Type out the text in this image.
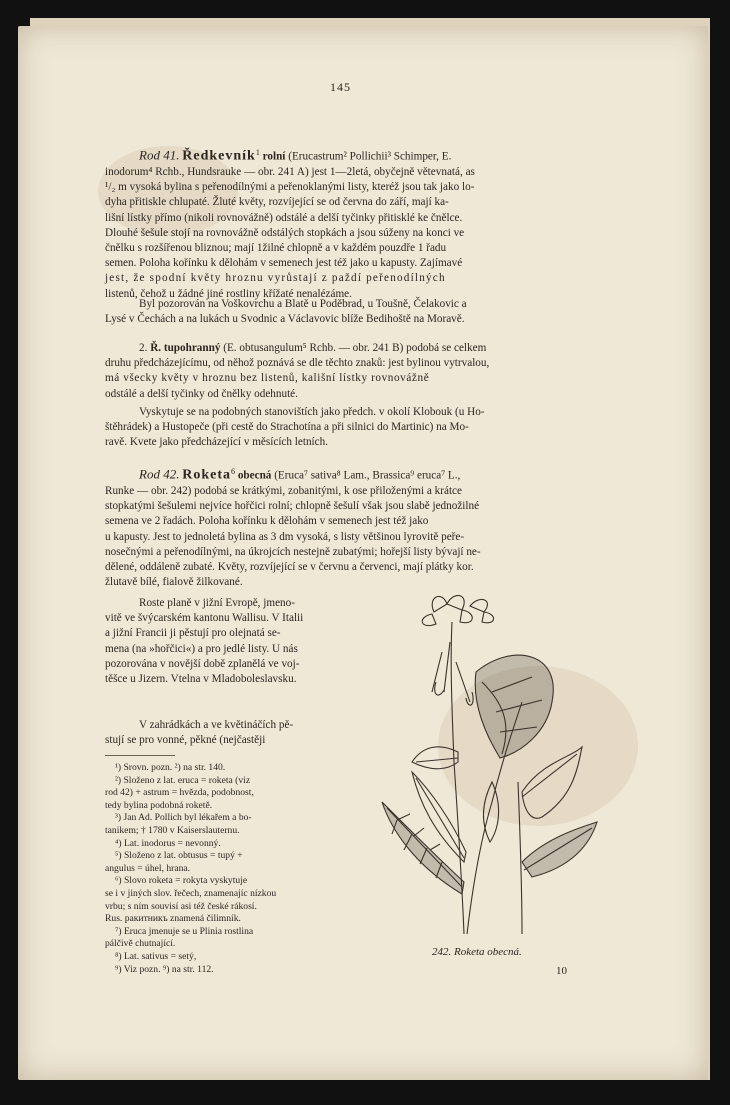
145
Rod 41. Ředkevník$^1$ rolní (Erucastrum² Pollichii³ Schimper, E.
inodorum⁴ Rchb., Hundsrauke — obr. 241 A) jest 1—2letá, obyčejně větevnatá, as
¹/₂ m vysoká bylina s peřenodílnými a peřenoklanými listy, kteréž jsou tak jako lo-
dyha přitiskle chlupaté. Žluté květy, rozvíjející se od června do září, mají ka-
lišní lístky přímo (nikoli rovnovážně) odstálé a delší tyčinky přitisklé ke čnělce.
Dlouhé šešule stojí na rovnovážně odstálých stopkách a jsou súženy na konci ve
čnělku s rozšířenou bliznou; mají 1žilné chlopně a v každém pouzdře 1 řadu
semen. Poloha kořínku k dělohám v semenech jest též jako u kapusty. Zajímavé
jest, že spodní květy hroznu vyrůstají z paždí peřenodílných
listenů, čehož u žádné jiné rostliny křížaté nenalézáme.
Byl pozorován na Voškovrchu a Blatě u Poděbrad, u Toušně, Čelakovic a
Lysé v Čechách a na lukách u Svodnic a Václavovic blíže Bedihoště na Moravě.
2. Ř. tupohranný (E. obtusangulum⁵ Rchb. — obr. 241 B) podobá se celkem
druhu předcházejícímu, od něhož poznává se dle těchto znaků: jest bylinou vytrvalou,
má všecky květy v hroznu bez listenů, kališní lístky rovnovážně
odstálé a delší tyčinky od čnělky odehnuté.
Vyskytuje se na podobných stanovištích jako předch. v okolí Klobouk (u Ho-
štěhrádek) a Hustopeče (při cestě do Strachotína a při silnici do Martinic) na Mo-
ravě. Kvete jako předcházející v měsících letních.
Rod 42. Roketa$^6$ obecná (Eruca⁷ sativa⁸ Lam., Brassica⁹ eruca⁷ L.,
Runke — obr. 242) podobá se krátkými, zobanitými, k ose přiloženými a krátce
stopkatými šešulemi nejvíce hořčici rolní; chlopně šešulí však jsou slabě jednožilné
semena ve 2 řadách. Poloha kořínku k dělohám v semenech jest též jako
u kapusty. Jest to jednoletá bylina as 3 dm vysoká, s listy většinou lyrovitě peře-
nosečnými a peřenodílnými, na úkrojcích nestejně zubatými; hořejší listy bývají ne-
dělené, oddáleně zubaté. Květy, rozvíjející se v červnu a červenci, mají plátky kor.
žlutavě bílé, fialově žilkované.
Roste planě v jižní Evropě, jmeno-
vitě ve švýcarském kantonu Wallisu. V Italii
a jižní Francii ji pěstují pro olejnatá se-
mena (na »hořčici«) a pro jedlé listy. U nás
pozorována v novější době zplanělá ve voj-
těšce u Jizern. Vtelna v Mladoboleslavsku.
V zahrádkách a ve květináčích pě-
stují se pro vonné, pěkné (nejčastěji
¹) Srovn. pozn. ²) na str. 140.
²) Složeno z lat. eruca = roketa (viz
rod 42) + astrum = hvězda, podobnost,
tedy bylina podobná roketě.
³) Jan Ad. Pollich byl lékařem a bo-
tanikem; † 1780 v Kaiserslauternu.
⁴) Lat. inodorus = nevonný.
⁵) Složeno z lat. obtusus = tupý +
angulus = úhel, hrana.
⁶) Slovo roketa = rokyta vyskytuje
se i v jiných slov. řečech, znamenajíc nízkou
vrbu; s ním souvisí asi též české rákosí.
Rus. ракитникъ znamená čilimník.
⁷) Eruca jmenuje se u Plinia rostlina
pálčivě chutnající.
⁸) Lat. sativus = setý,
⁹) Viz pozn. ⁹) na str. 112.
242. Roketa obecná.
10
